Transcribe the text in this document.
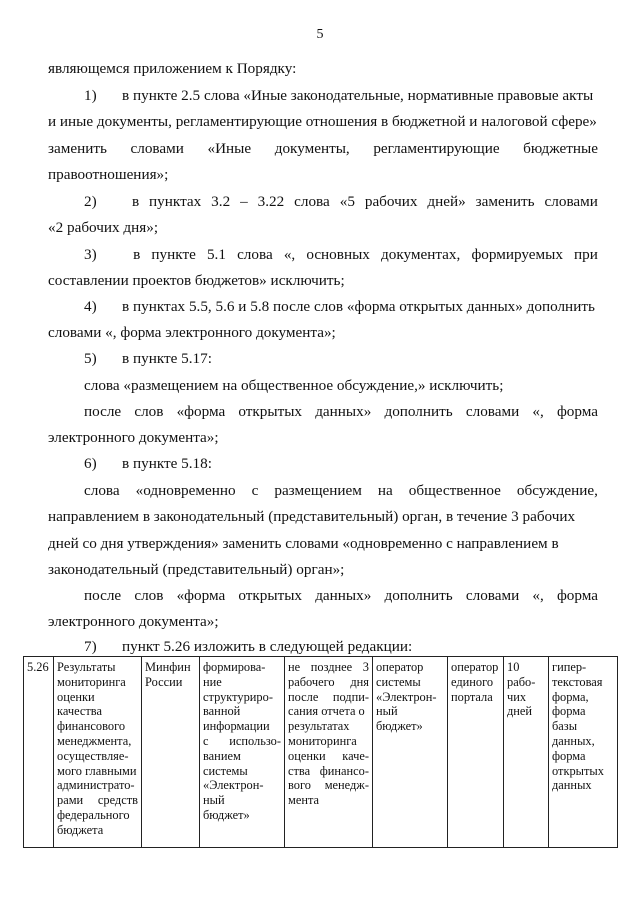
5
являющемся приложением к Порядку:
1) в пункте 2.5 слова «Иные законодательные, нормативные правовые акты
и иные документы, регламентирующие отношения в бюджетной и налоговой сфере»
заменить словами «Иные документы, регламентирующие бюджетные
правоотношения»;
2)	в пунктах 3.2 – 3.22 слова «5 рабочих дней» заменить словами
«2 рабочих дня»;
3)	в пункте 5.1 слова «, основных документах, формируемых при
составлении проектов бюджетов» исключить;
4) в пунктах 5.5, 5.6 и 5.8 после слов «форма открытых данных» дополнить
словами «, форма электронного документа»;
5) в пункте 5.17:
слова «размещением на общественное обсуждение,» исключить;
после слов «форма открытых данных» дополнить словами «, форма
электронного документа»;
6) в пункте 5.18:
слова «одновременно с размещением на общественное обсуждение,
направлением в законодательный (представительный) орган, в течение 3 рабочих
дней со дня утверждения» заменить словами «одновременно с направлением в
законодательный (представительный) орган»;
после слов «форма открытых данных» дополнить словами «, форма
электронного документа»;
7) пункт 5.26 изложить в следующей редакции:
5.26	Результаты
мониторинга
оценки
качества
финансового
менеджмента,
осуществляе-
мого главными
администрато-
рами средств
федерального
бюджета

Минфин
России

формирова-
ние
структуриро-
ванной
информации
с использо-
ванием
системы
«Электрон-
ный
бюджет»

не позднее 3
рабочего дня
после подпи-
сания отчета о
результатах
мониторинга
оценки каче-
ства финансо-
вого менедж-
мента

оператор
системы
«Электрон-
ный
бюджет»

оператор
единого
портала

10
рабо-
чих
дней

гипер-
текстовая
форма,
форма
базы
данных,
форма
открытых
данных
